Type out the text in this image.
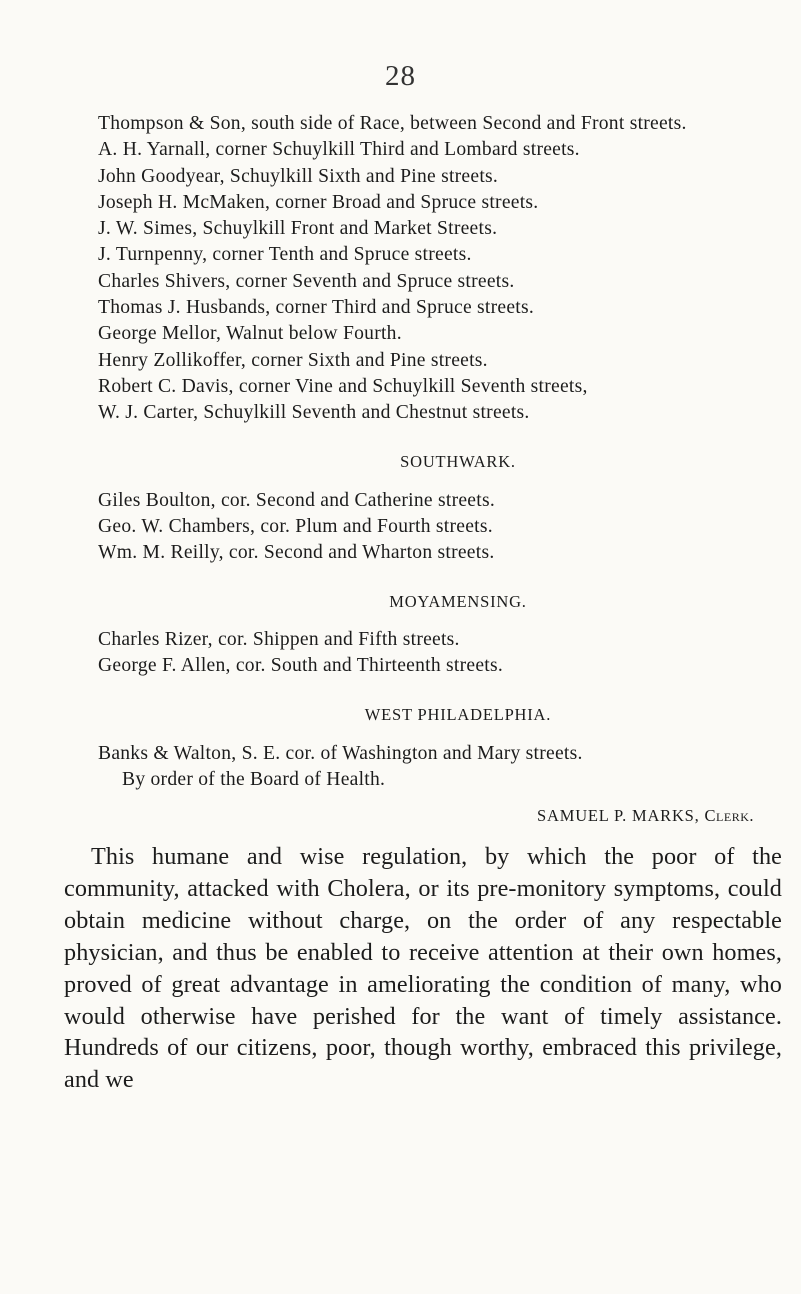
28
Thompson & Son, south side of Race, between Second and Front streets.
A. H. Yarnall, corner Schuylkill Third and Lombard streets.
John Goodyear, Schuylkill Sixth and Pine streets.
Joseph H. McMaken, corner Broad and Spruce streets.
J. W. Simes, Schuylkill Front and Market Streets.
J. Turnpenny, corner Tenth and Spruce streets.
Charles Shivers, corner Seventh and Spruce streets.
Thomas J. Husbands, corner Third and Spruce streets.
George Mellor, Walnut below Fourth.
Henry Zollikoffer, corner Sixth and Pine streets.
Robert C. Davis, corner Vine and Schuylkill Seventh streets,
W. J. Carter, Schuylkill Seventh and Chestnut streets.
SOUTHWARK.
Giles Boulton, cor. Second and Catherine streets.
Geo. W. Chambers, cor. Plum and Fourth streets.
Wm. M. Reilly, cor. Second and Wharton streets.
MOYAMENSING.
Charles Rizer, cor. Shippen and Fifth streets.
George F. Allen, cor. South and Thirteenth streets.
WEST PHILADELPHIA.
Banks & Walton, S. E. cor. of Washington and Mary streets.
By order of the Board of Health.
SAMUEL P. MARKS, Clerk.
This humane and wise regulation, by which the poor of the community, attacked with Cholera, or its pre-monitory symptoms, could obtain medicine without charge, on the order of any respectable physician, and thus be enabled to receive attention at their own homes, proved of great advantage in ameliorating the condition of many, who would otherwise have perished for the want of timely assistance. Hundreds of our citizens, poor, though worthy, embraced this privilege, and we
